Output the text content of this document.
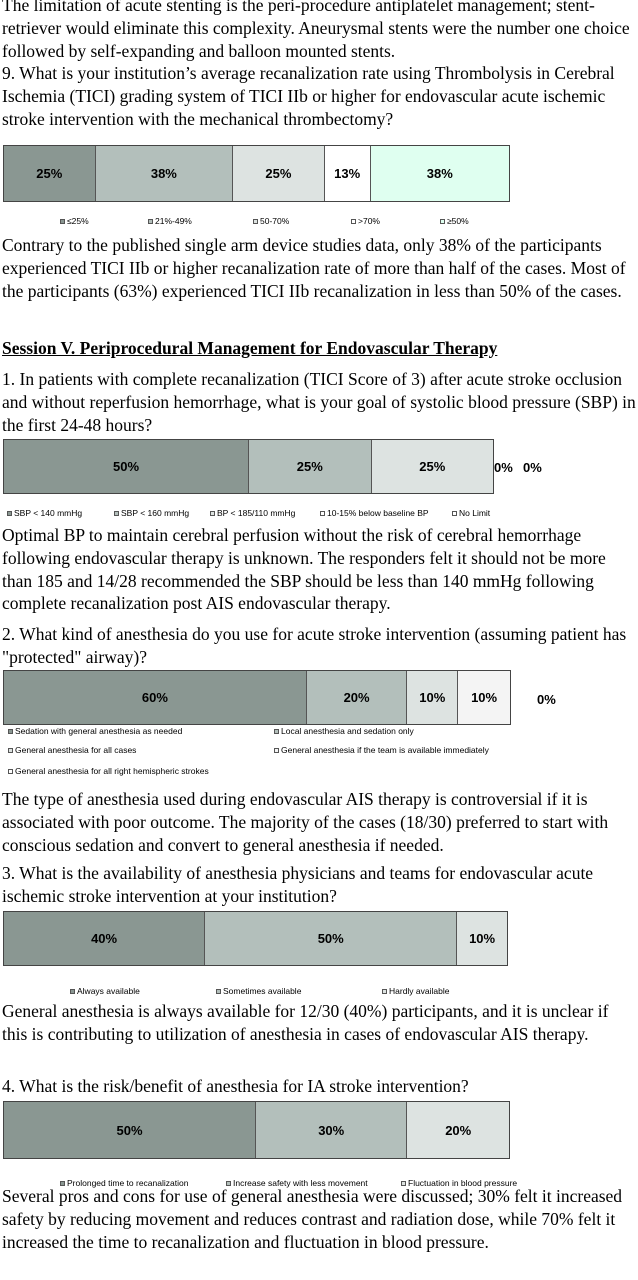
The limitation of acute stenting is the peri-procedure antiplatelet management; stent-retriever would eliminate this complexity. Aneurysmal stents were the number one choice followed by self-expanding and balloon mounted stents.

9. What is your institution’s average recanalization rate using Thrombolysis in Cerebral Ischemia (TICI) grading system of TICI IIb or higher for endovascular acute ischemic stroke intervention with the mechanical thrombectomy?

25%	38%	25%	13%	38%
≤25%	21%-49%	50-70%	>70%	≥50%

Contrary to the published single arm device studies data, only 38% of the participants experienced TICI IIb or higher recanalization rate of more than half of the cases. Most of the participants (63%) experienced TICI IIb recanalization in less than 50% of the cases.

Session V. Periprocedural Management for Endovascular Therapy

1. In patients with complete recanalization (TICI Score of 3) after acute stroke occlusion and without reperfusion hemorrhage, what is your goal of systolic blood pressure (SBP) in the first 24-48 hours?

50%	25%	25%	0% 0%
SBP < 140 mmHg	SBP < 160 mmHg	BP < 185/110 mmHg	10-15% below baseline BP	No Limit

Optimal BP to maintain cerebral perfusion without the risk of cerebral hemorrhage following endovascular therapy is unknown. The responders felt it should not be more than 185 and 14/28 recommended the SBP should be less than 140 mmHg following complete recanalization post AIS endovascular therapy.

2. What kind of anesthesia do you use for acute stroke intervention (assuming patient has "protected" airway)?

60%	20%	10%	10%	0%
Sedation with general anesthesia as needed	Local anesthesia and sedation only
General anesthesia for all cases	General anesthesia if the team is available immediately
General anesthesia for all right hemispheric strokes

The type of anesthesia used during endovascular AIS therapy is controversial if it is associated with poor outcome. The majority of the cases (18/30) preferred to start with conscious sedation and convert to general anesthesia if needed.

3. What is the availability of anesthesia physicians and teams for endovascular acute ischemic stroke intervention at your institution?

40%	50%	10%
Always available	Sometimes available	Hardly available

General anesthesia is always available for 12/30 (40%) participants, and it is unclear if this is contributing to utilization of anesthesia in cases of endovascular AIS therapy.

4. What is the risk/benefit of anesthesia for IA stroke intervention?

50%	30%	20%
Prolonged time to recanalization	Increase safety with less movement	Fluctuation in blood pressure

Several pros and cons for use of general anesthesia were discussed; 30% felt it increased safety by reducing movement and reduces contrast and radiation dose, while 70% felt it increased the time to recanalization and fluctuation in blood pressure.
